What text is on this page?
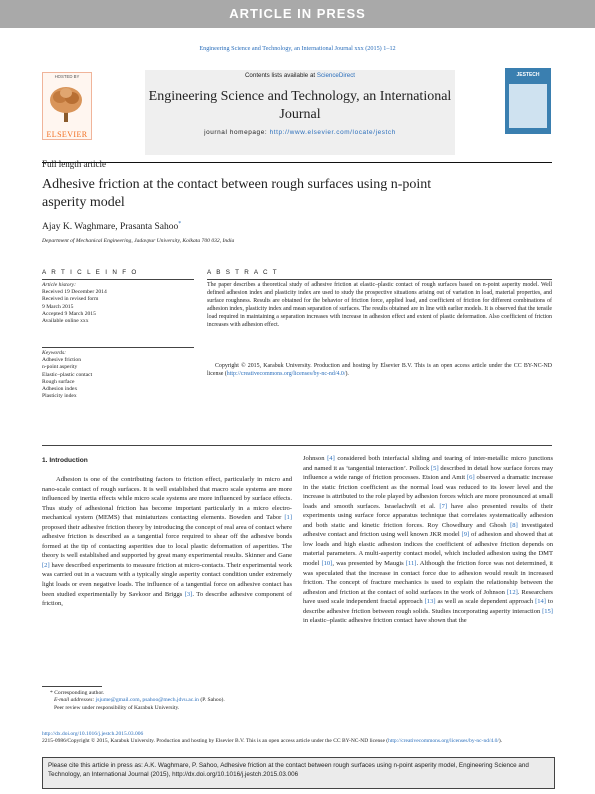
ARTICLE IN PRESS
Engineering Science and Technology, an International Journal xxx (2015) 1–12
HOSTED BY
ELSEVIER
Contents lists available at ScienceDirect
Engineering Science and Technology, an International Journal
journal homepage: http://www.elsevier.com/locate/jestch
JESTECH
Full length article
Adhesive friction at the contact between rough surfaces using n-point asperity model
Ajay K. Waghmare, Prasanta Sahoo*
Department of Mechanical Engineering, Jadavpur University, Kolkata 700 032, India
A R T I C L E I N F O
Article history:
Received 19 December 2014
Received in revised form
9 March 2015
Accepted 9 March 2015
Available online xxx
Keywords:
Adhesive friction
n-point asperity
Elastic–plastic contact
Rough surface
Adhesion index
Plasticity index
A B S T R A C T
The paper describes a theoretical study of adhesive friction at elastic–plastic contact of rough surfaces based on n-point asperity model. Well defined adhesion index and plasticity index are used to study the prospective situations arising out of variation in load, material properties, and surface roughness. Results are obtained for the behavior of friction force, applied load, and coefficient of friction for different combinations of adhesion index, plasticity index and mean separation of surfaces. The results obtained are in line with earlier models. It is observed that the tensile load required in maintaining a separation increases with increase in adhesion effect and extent of plastic deformation. Also coefficient of friction increases with adhesion effect.
Copyright © 2015, Karabuk University. Production and hosting by Elsevier B.V. This is an open access article under the CC BY-NC-ND license (http://creativecommons.org/licenses/by-nc-nd/4.0/).
1. Introduction
Adhesion is one of the contributing factors to friction effect, particularly in micro and nano-scale contact of rough surfaces. It is well established that macro scale systems are more influenced by inertia effects while micro scale systems are more influenced by surface effects. Thus study of adhesional friction has become important particularly in a micro electro-mechanical system (MEMS) that miniaturizes contacting elements. Bowden and Tabor [1] proposed their adhesive friction theory by introducing the concept of real area of contact where adhesive friction is described as a tangential force required to shear off the adhesive bonds formed at the tip of contacting asperities due to local plastic deformation of asperities. The theory is well established and supported by great many experimental results. Skinner and Gane [2] have described experiments to measure friction at micro-contacts. Their experimental work was carried out in a vacuum with a typically single asperity contact condition under extremely light loads or even negative loads. The influence of a tangential force on adhesive contact has been studied experimentally by Savkoor and Briggs [3]. To describe adhesive component of friction,
Johnson [4] considered both interfacial sliding and tearing of inter-metallic micro junctions and named it as ‘tangential interaction’. Pollock [5] described in detail how surface forces may influence a wide range of friction processes. Etsion and Amit [6] observed a dramatic increase in the static friction coefficient as the normal load was reduced to its lower level and the increase is attributed to the role played by adhesion forces which are more pronounced at small loads and smooth surfaces. Israelachvili et al. [7] have also presented results of their experiments using surface force apparatus technique that correlates systematically adhesion and both static and kinetic friction forces. Roy Chowdhury and Ghosh [8] investigated adhesive contact and friction using well known JKR model [9] of adhesion and showed that at low loads and high elastic adhesion indices the coefficient of adhesive friction depends on material parameters. A multi-asperity contact model, which included adhesion using the DMT model [10], was presented by Maugis [11]. Although the friction force was not determined, it was speculated that the increase in contact force due to adhesion would result in increased friction. The concept of fracture mechanics is used to explain the relationship between the adhesion and friction at the contact of solid surfaces in the work of Johnson [12]. Researchers have used scale independent fractal approach [13] as well as scale dependent approach [14] to describe adhesive friction between rough solids. Studies incorporating asperity interaction [15] in elastic–plastic adhesive friction contact have shown that the
* Corresponding author.
E-mail addresses: jsjume@gmail.com, psahoo@mech.jdvu.ac.in (P. Sahoo).
Peer review under responsibility of Karabuk University.
http://dx.doi.org/10.1016/j.jestch.2015.03.006
2215-0986/Copyright © 2015, Karabuk University. Production and hosting by Elsevier B.V. This is an open access article under the CC BY-NC-ND license (http://creativecommons.org/licenses/by-nc-nd/4.0/).
Please cite this article in press as: A.K. Waghmare, P. Sahoo, Adhesive friction at the contact between rough surfaces using n-point asperity model, Engineering Science and Technology, an International Journal (2015), http://dx.doi.org/10.1016/j.jestch.2015.03.006
